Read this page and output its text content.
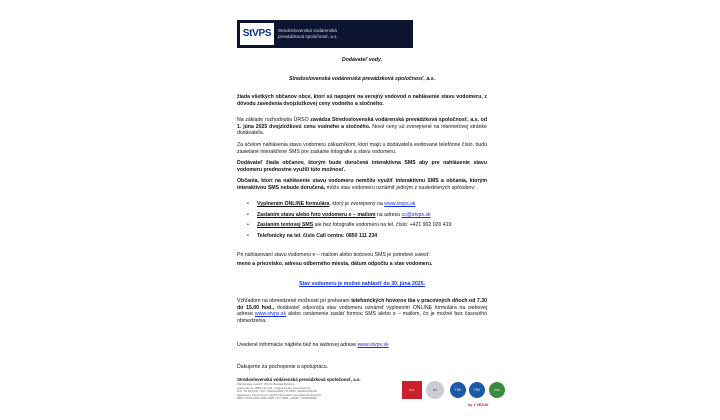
StVPS	Stredoslovenská vodárenská
prevádzková spoločnosť, a.s.

Dodávateľ vody,

Stredoslovenská vodárenská prevádzková spoločnosť, a.s.

žiada všetkých občanov obce, ktorí sú napojení na verejný vodovod o nahlásenie stavu vodomeru, z dôvodu zavedenia dvojzložkovej ceny vodného a stočného.

Na základe rozhodnutia ÚRSO zavádza Stredoslovenská vodárenská prevádzková spoločnosť, a.s. od 1. júna 2025 dvojzložkovú cenu vodného a stočného. Nové ceny sú zverejnené na internetovej stránke dodávateľa.

Za účelom nahlásenia stavu vodomeru zákazníkom, ktorí majú u dodávateľa evidované telefónne číslo, budú zasielané interaktívne SMS pre zaslanie fotografie a stavu vodomeru.

Dodávateľ žiada občanov, ktorým bude doručená interaktívna SMS aby pre nahlásenie stavu vodomeru prednostne využili túto možnosť.

Občania, ktorí na nahlásenie stavu vodomeru nemôžu využiť interaktívnu SMS a občania, ktorým interaktívnu SMS nebude doručená, môžu stav vodomeru oznámiť jedným z nasledovných spôsobov:

• Vyplnením ONLINE formulára, ktorý je zverejnený na www.stvps.sk
• Zaslaním stavu alebo foto vodomeru e – mailom na adresu cc@stvps.sk
• Zaslaním textovej SMS ale bez fotografie vodomeru na tel. číslo: +421 902 020 419
• Telefonicky na tel. číslo Call centra: 0850 111 234

Pri nahlasovaní stavu vodomeru e – mailom alebo textovou SMS je potrebné uviesť:

meno a priezvisko, adresu odberného miesta, dátum odpočtu a stav vodomeru.

Stav vodomeru je možné nahlásiť do 30. júna 2025.

Vzhľadom na obmedzené možnosti pri prebaraní telefonických hovorov iba v pracovných dňoch od 7.30 do 15.00 hod., dodávateľ odporúča stav vodomeru oznámiť vyplnením ONLINE formulára na webovej adrese www.stvps.sk alebo oznámenie zaslať formou SMS alebo e – mailom, čo je možné bez časového obmedzenia.

Uvedené informácie nájdete tiež na webovej adrese www.stvps.sk

Ďakujeme za pochopenie a spoluprácu.

Stredoslovenská vodárenská prevádzková spoločnosť, a.s.
Partizánska cesta 5, 974 01 Banská Bystrica
Call centrum: 0850 111 234 | cc@stvps.sk | www.stvps.sk
IČO: 36 644 030 | DIČ: 2022102236 | IČ DPH: SK2022102236
Zapísaná v Obchodnom registri Okresného súdu Banská Bystrica
IBAN: SK35 0200 0000 0025 7727 2651 | SWIFT: SUBASKBX
ISO	BV	TÜV	TÜV	IDS
by ● VEZUK
